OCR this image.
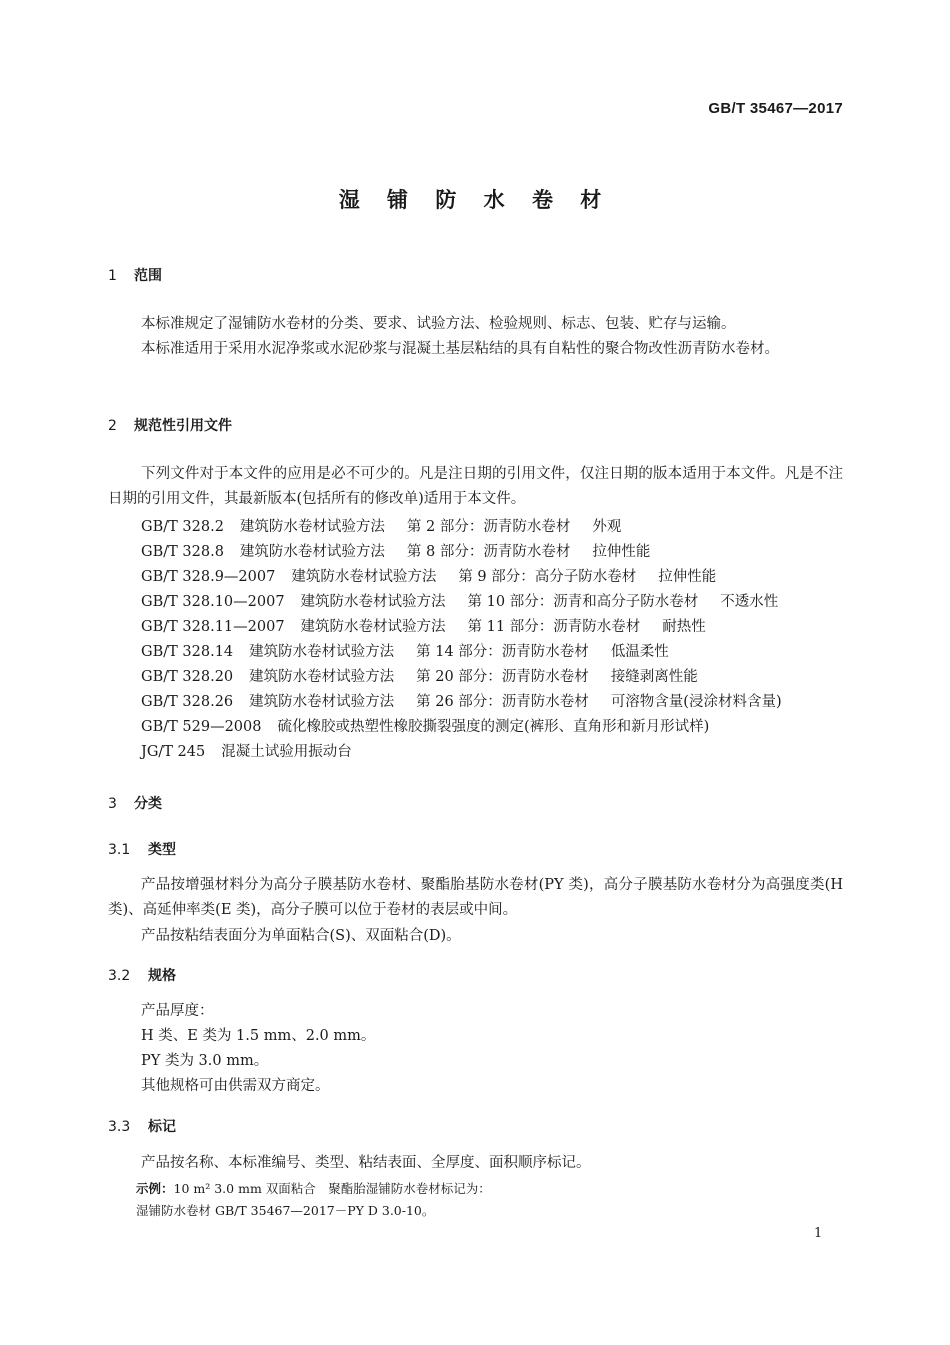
GB/T 35467—2017
湿 铺 防 水 卷 材
1 范围
本标准规定了湿铺防水卷材的分类、要求、试验方法、检验规则、标志、包装、贮存与运输。
本标准适用于采用水泥净浆或水泥砂浆与混凝土基层粘结的具有自粘性的聚合物改性沥青防水卷材。
2 规范性引用文件
下列文件对于本文件的应用是必不可少的。凡是注日期的引用文件，仅注日期的版本适用于本文件。凡是不注日期的引用文件，其最新版本(包括所有的修改单)适用于本文件。
GB/T 328.2 建筑防水卷材试验方法 第 2 部分：沥青防水卷材 外观
GB/T 328.8 建筑防水卷材试验方法 第 8 部分：沥青防水卷材 拉伸性能
GB/T 328.9—2007 建筑防水卷材试验方法 第 9 部分：高分子防水卷材 拉伸性能
GB/T 328.10—2007 建筑防水卷材试验方法 第 10 部分：沥青和高分子防水卷材 不透水性
GB/T 328.11—2007 建筑防水卷材试验方法 第 11 部分：沥青防水卷材 耐热性
GB/T 328.14 建筑防水卷材试验方法 第 14 部分：沥青防水卷材 低温柔性
GB/T 328.20 建筑防水卷材试验方法 第 20 部分：沥青防水卷材 接缝剥离性能
GB/T 328.26 建筑防水卷材试验方法 第 26 部分：沥青防水卷材 可溶物含量(浸涂材料含量)
GB/T 529—2008 硫化橡胶或热塑性橡胶撕裂强度的测定(裤形、直角形和新月形试样)
JG/T 245 混凝土试验用振动台
3 分类
3.1 类型
产品按增强材料分为高分子膜基防水卷材、聚酯胎基防水卷材(PY 类)，高分子膜基防水卷材分为高强度类(H 类)、高延伸率类(E 类)，高分子膜可以位于卷材的表层或中间。
产品按粘结表面分为单面粘合(S)、双面粘合(D)。
3.2 规格
产品厚度：
H 类、E 类为 1.5 mm、2.0 mm。
PY 类为 3.0 mm。
其他规格可由供需双方商定。
3.3 标记
产品按名称、本标准编号、类型、粘结表面、全厚度、面积顺序标记。
示例：10 m² 3.0 mm 双面粘合　聚酯胎湿铺防水卷材标记为：
湿铺防水卷材 GB/T 35467—2017－PY D 3.0-10。
1
